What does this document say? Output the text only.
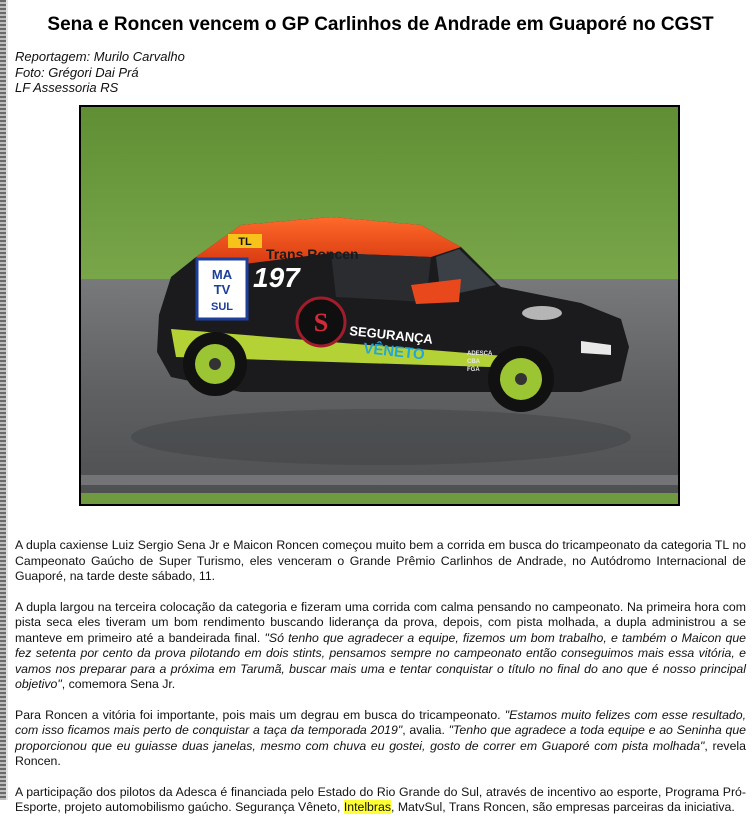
Sena e Roncen vencem o GP Carlinhos de Andrade em Guaporé no CGST
Reportagem: Murilo Carvalho
Foto: Grégori Dai Prá
LF Assessoria RS
TL
Trans Roncen
MA
TV
SUL
197
S SEGURANÇA
VÊNETO	ADESCA
CBA
FGA

A dupla caxiense Luiz Sergio Sena Jr e Maicon Roncen começou muito bem a corrida em busca do tricampeonato da categoria TL no Campeonato Gaúcho de Super Turismo, eles venceram o Grande Prêmio Carlinhos de Andrade, no Autódromo Internacional de Guaporé, na tarde deste sábado, 11.

A dupla largou na terceira colocação da categoria e fizeram uma corrida com calma pensando no campeonato. Na primeira hora com pista seca eles tiveram um bom rendimento buscando liderança da prova, depois, com pista molhada, a dupla administrou a se manteve em primeiro até a bandeirada final. "Só tenho que agradecer a equipe, fizemos um bom trabalho, e também o Maicon que fez setenta por cento da prova pilotando em dois stints, pensamos sempre no campeonato então conseguimos mais essa vitória, e vamos nos preparar para a próxima em Tarumã, buscar mais uma e tentar conquistar o título no final do ano que é nosso principal objetivo", comemora Sena Jr.

Para Roncen a vitória foi importante, pois mais um degrau em busca do tricampeonato. "Estamos muito felizes com esse resultado, com isso ficamos mais perto de conquistar a taça da temporada 2019", avalia. "Tenho que agradece a toda equipe e ao Seninha que proporcionou que eu guiasse duas janelas, mesmo com chuva eu gostei, gosto de correr em Guaporé com pista molhada", revela Roncen.

A participação dos pilotos da Adesca é financiada pelo Estado do Rio Grande do Sul, através de incentivo ao esporte, Programa Pró-Esporte, projeto automobilismo gaúcho. Segurança Vêneto, Intelbras, MatvSul, Trans Roncen, são empresas parceiras da iniciativa.
